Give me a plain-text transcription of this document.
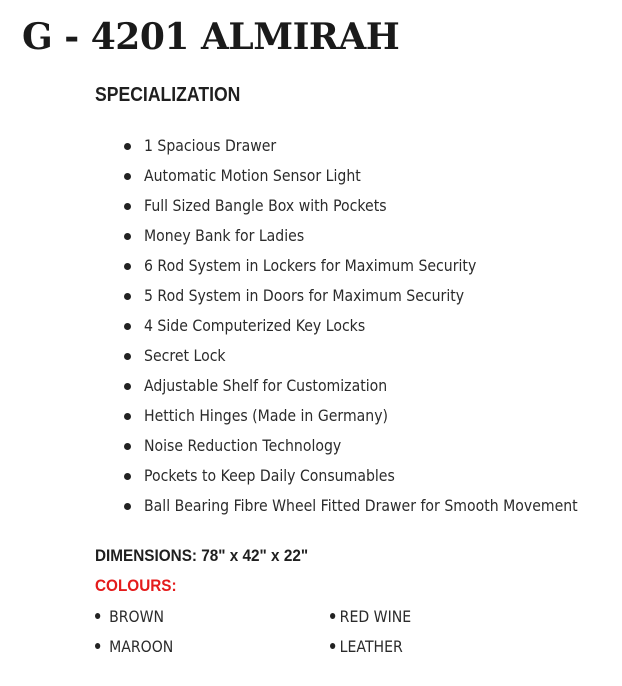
G - 4201 ALMIRAH
SPECIALIZATION
1 Spacious Drawer
Automatic Motion Sensor Light
Full Sized Bangle Box with Pockets
Money Bank for Ladies
6 Rod System in Lockers for Maximum Security
5 Rod System in Doors for Maximum Security
4 Side Computerized Key Locks
Secret Lock
Adjustable Shelf for Customization
Hettich Hinges (Made in Germany)
Noise Reduction Technology
Pockets to Keep Daily Consumables
Ball Bearing Fibre Wheel Fitted Drawer for Smooth Movement

DIMENSIONS: 78" x 42" x 22"

COLOURS:

BROWN	RED WINE
MAROON	LEATHER
